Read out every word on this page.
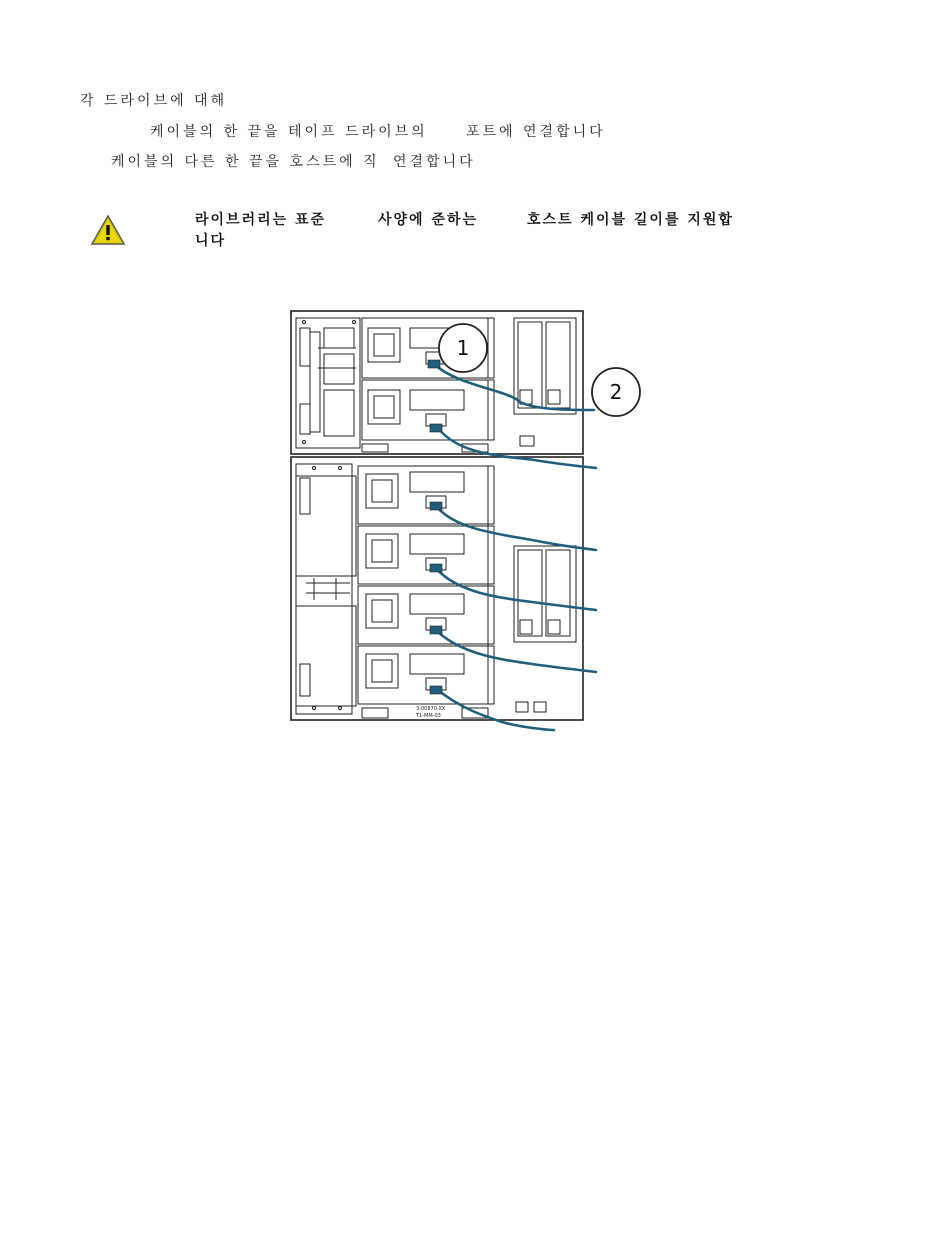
각 드라이브에 대해
케이블의 한 끝을 테이프 드라이브의	포트에 연결합니다
케이블의 다른 한 끝을 호스트에 직 연결합니다
라이브러리는 표준	사양에 준하는	호스트 케이블 길이를 지원합
니다
3-00870-XX
T1-MM-03
1
2
